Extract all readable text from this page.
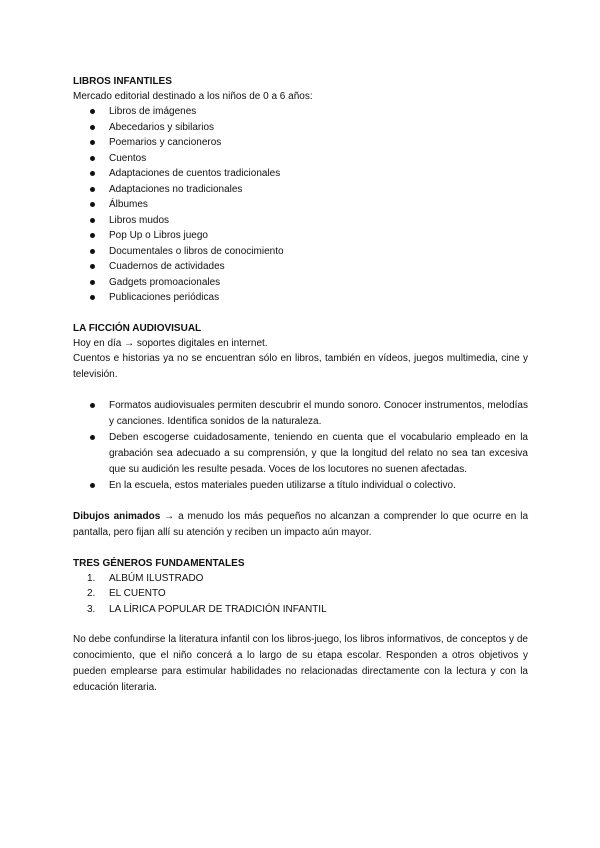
LIBROS INFANTILES

Mercado editorial destinado a los niños de 0 a 6 años:

Libros de imágenes
Abecedarios y sibilarios
Poemarios y cancioneros
Cuentos
Adaptaciones de cuentos tradicionales
Adaptaciones no tradicionales
Álbumes
Libros mudos
Pop Up o Libros juego
Documentales o libros de conocimiento
Cuadernos de actividades
Gadgets promoacionales
Publicaciones periódicas

LA FICCIÓN AUDIOVISUAL

Hoy en día → soportes digitales en internet.

Cuentos e historias ya no se encuentran sólo en libros, también en vídeos, juegos multimedia, cine y televisión.

Formatos audiovisuales permiten descubrir el mundo sonoro. Conocer instrumentos, melodías y canciones. Identifica sonidos de la naturaleza.
Deben escogerse cuidadosamente, teniendo en cuenta que el vocabulario empleado en la grabación sea adecuado a su comprensión, y que la longitud del relato no sea tan excesiva que su audición les resulte pesada. Voces de los locutores no suenen afectadas.
En la escuela, estos materiales pueden utilizarse a título individual o colectivo.

Dibujos animados → a menudo los más pequeños no alcanzan a comprender lo que ocurre en la pantalla, pero fijan allí su atención y reciben un impacto aún mayor.

TRES GÉNEROS FUNDAMENTALES

1. ALBÚM ILUSTRADO
2. EL CUENTO
3. LA LÍRICA POPULAR DE TRADICIÓN INFANTIL

No debe confundirse la literatura infantil con los libros-juego, los libros informativos, de conceptos y de conocimiento, que el niño concerá a lo largo de su etapa escolar. Responden a otros objetivos y pueden emplearse para estimular habilidades no relacionadas directamente con la lectura y con la educación literaria.
